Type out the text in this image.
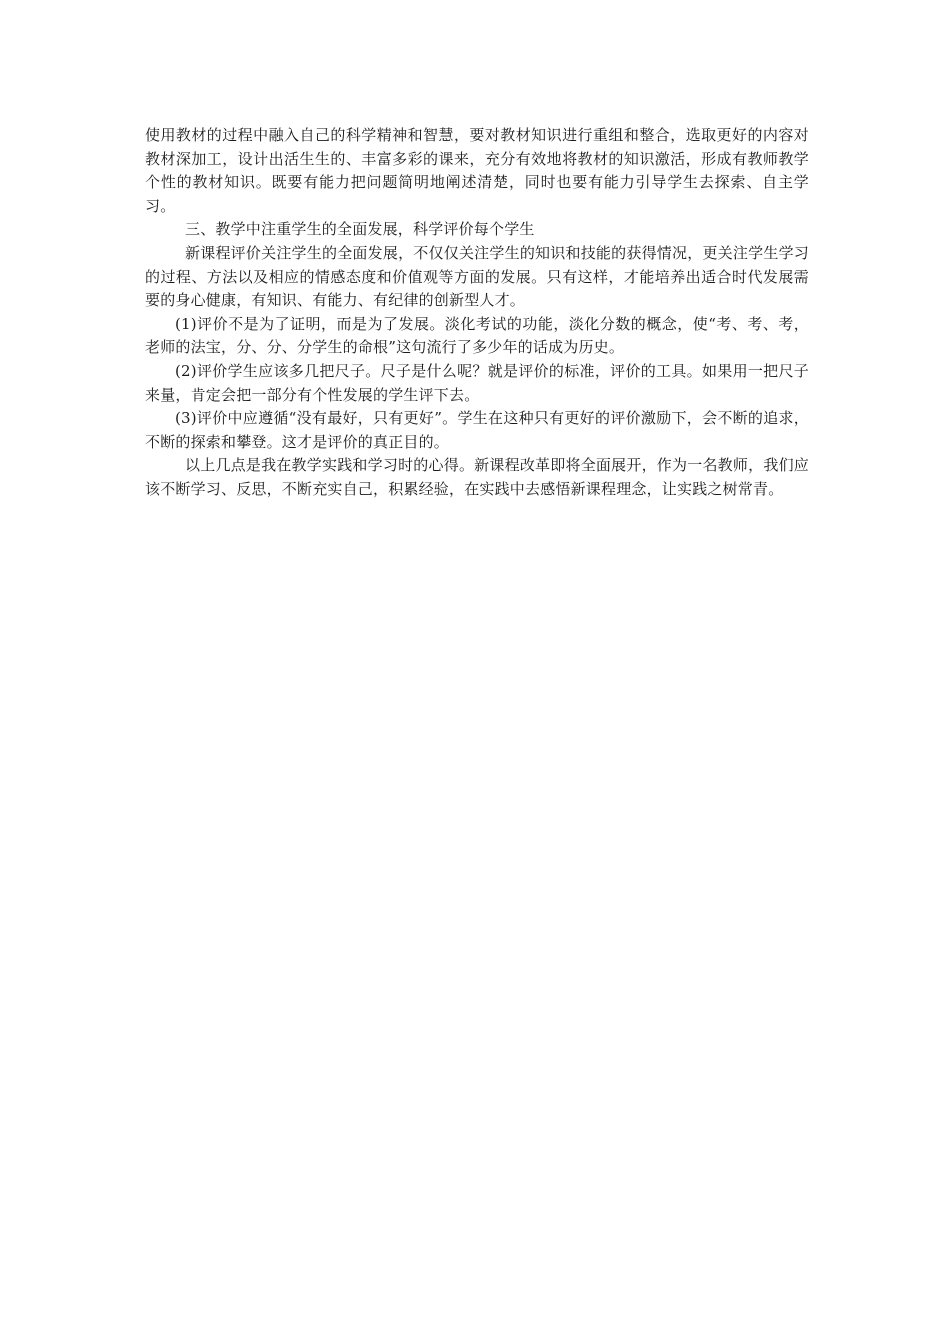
使用教材的过程中融入自己的科学精神和智慧，要对教材知识进行重组和整合，选取更好的内容对教材深加工，设计出活生生的、丰富多彩的课来，充分有效地将教材的知识激活，形成有教师教学个性的教材知识。既要有能力把问题简明地阐述清楚，同时也要有能力引导学生去探索、自主学习。

三、教学中注重学生的全面发展，科学评价每个学生

新课程评价关注学生的全面发展，不仅仅关注学生的知识和技能的获得情况，更关注学生学习的过程、方法以及相应的情感态度和价值观等方面的发展。只有这样，才能培养出适合时代发展需要的身心健康，有知识、有能力、有纪律的创新型人才。

(1)评价不是为了证明，而是为了发展。淡化考试的功能，淡化分数的概念，使“考、考、考，老师的法宝，分、分、分学生的命根”这句流行了多少年的话成为历史。

(2)评价学生应该多几把尺子。尺子是什么呢？就是评价的标准，评价的工具。如果用一把尺子来量，肯定会把一部分有个性发展的学生评下去。

(3)评价中应遵循“没有最好，只有更好”。学生在这种只有更好的评价激励下，会不断的追求，不断的探索和攀登。这才是评价的真正目的。

以上几点是我在教学实践和学习时的心得。新课程改革即将全面展开，作为一名教师，我们应该不断学习、反思，不断充实自己，积累经验，在实践中去感悟新课程理念，让实践之树常青。
